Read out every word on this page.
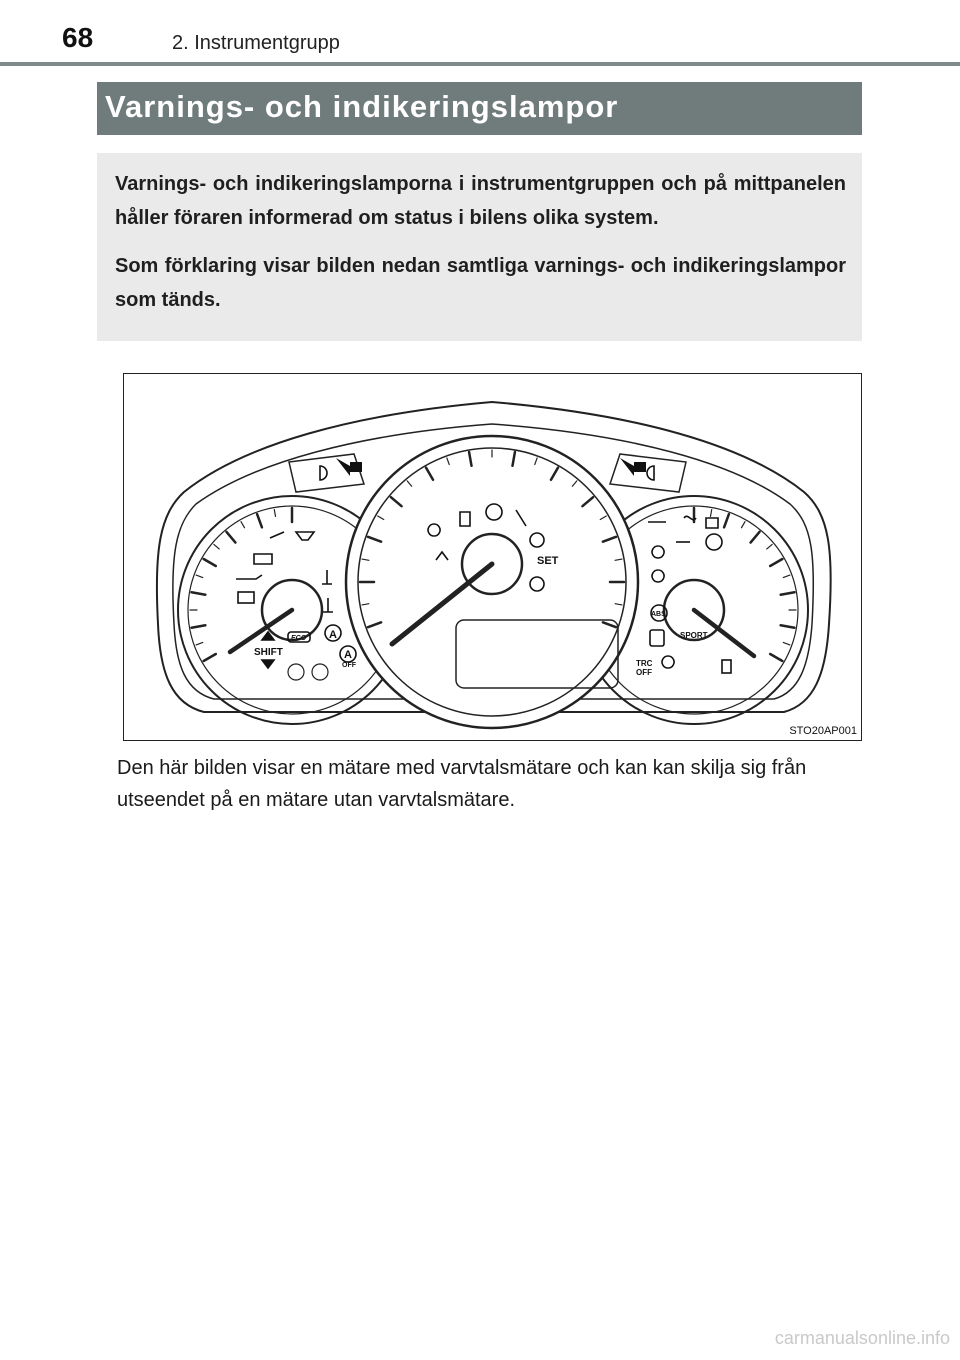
68	2. Instrumentgrupp
Varnings- och indikeringslampor

Varnings- och indikeringslamporna i instrumentgruppen och på mittpanelen håller föraren informerad om status i bilens olika system.

Som förklaring visar bilden nedan samtliga varnings- och indikeringslampor som tänds.

SET
SHIFT
ECO A
A
OFF
SPORT
TRC
OFF
ABS
STO20AP001
Den här bilden visar en mätare med varvtalsmätare och kan kan skilja sig från utseendet på en mätare utan varvtalsmätare.
carmanualsonline.info
